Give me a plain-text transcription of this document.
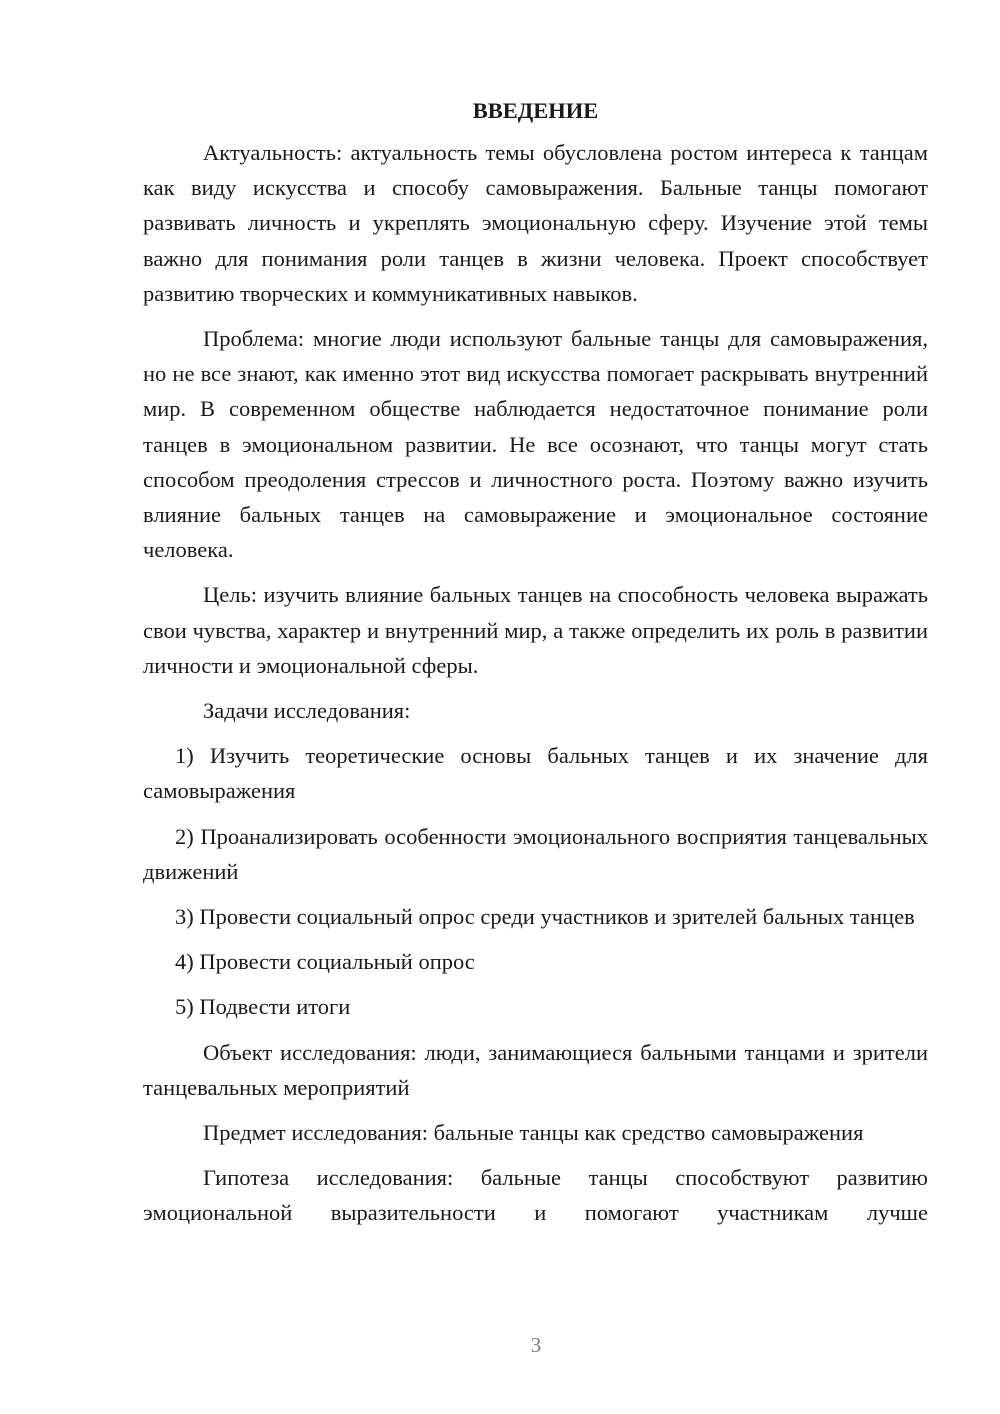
ВВЕДЕНИЕ

Актуальность: актуальность темы обусловлена ростом интереса к танцам как виду искусства и способу самовыражения. Бальные танцы помогают развивать личность и укреплять эмоциональную сферу. Изучение этой темы важно для понимания роли танцев в жизни человека. Проект способствует развитию творческих и коммуникативных навыков.

Проблема: многие люди используют бальные танцы для самовыражения, но не все знают, как именно этот вид искусства помогает раскрывать внутренний мир. В современном обществе наблюдается недостаточное понимание роли танцев в эмоциональном развитии. Не все осознают, что танцы могут стать способом преодоления стрессов и личностного роста. Поэтому важно изучить влияние бальных танцев на самовыражение и эмоциональное состояние человека.

Цель: изучить влияние бальных танцев на способность человека выражать свои чувства, характер и внутренний мир, а также определить их роль в развитии личности и эмоциональной сферы.

Задачи исследования:

1) Изучить теоретические основы бальных танцев и их значение для самовыражения

2) Проанализировать особенности эмоционального восприятия танцевальных движений

3) Провести социальный опрос среди участников и зрителей бальных танцев

4) Провести социальный опрос

5) Подвести итоги

Объект исследования: люди, занимающиеся бальными танцами и зрители танцевальных мероприятий

Предмет исследования: бальные танцы как средство самовыражения

Гипотеза исследования: бальные танцы способствуют развитию эмоциональной выразительности и помогают участникам лучше

3
